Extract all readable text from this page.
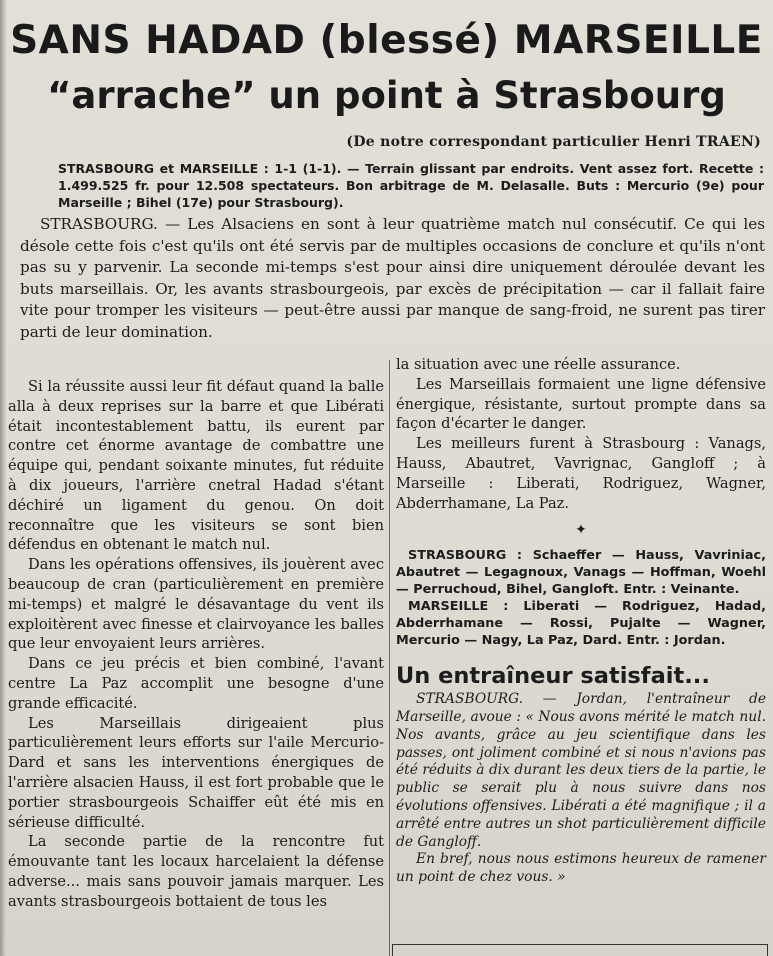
SANS HADAD (blessé) MARSEILLE
“arrache” un point à Strasbourg
(De notre correspondant particulier Henri TRAEN)
STRASBOURG et MARSEILLE : 1-1 (1-1). — Terrain glissant par endroits. Vent assez fort. Recette : 1.499.525 fr. pour 12.508 spectateurs. Bon arbitrage de M. Delasalle. Buts : Mercurio (9e) pour Marseille ; Bihel (17e) pour Strasbourg).

STRASBOURG. — Les Alsaciens en sont à leur quatrième match nul consécutif. Ce qui les désole cette fois c'est qu'ils ont été servis par de multiples occasions de conclure et qu'ils n'ont pas su y parvenir. La seconde mi-temps s'est pour ainsi dire uniquement déroulée devant les buts marseillais. Or, les avants strasbourgeois, par excès de précipitation — car il fallait faire vite pour tromper les visiteurs — peut-être aussi par manque de sang-froid, ne surent pas tirer parti de leur domination.

Si la réussite aussi leur fit défaut quand la balle alla à deux reprises sur la barre et que Libérati était incontestablement battu, ils eurent par contre cet énorme avantage de combattre une équipe qui, pendant soixante minutes, fut réduite à dix joueurs, l'arrière cnetral Hadad s'étant déchiré un ligament du genou. On doit reconnaître que les visiteurs se sont bien défendus en obtenant le match nul.

Dans les opérations offensives, ils jouèrent avec beaucoup de cran (particulièrement en première mi-temps) et malgré le désavantage du vent ils exploitèrent avec finesse et clairvoyance les balles que leur envoyaient leurs arrières.

Dans ce jeu précis et bien combiné, l'avant centre La Paz accomplit une besogne d'une grande efficacité.

Les Marseillais dirigeaient plus particulièrement leurs efforts sur l'aile Mercurio-Dard et sans les interventions énergiques de l'arrière alsacien Hauss, il est fort probable que le portier strasbourgeois Schaiffer eût été mis en sérieuse difficulté.

La seconde partie de la rencontre fut émouvante tant les locaux harcelaient la défense adverse... mais sans pouvoir jamais marquer. Les avants strasbourgeois bottaient de tous les

la situation avec une réelle assurance.

Les Marseillais formaient une ligne défensive énergique, résistante, surtout prompte dans sa façon d'écarter le danger.

Les meilleurs furent à Strasbourg : Vanags, Hauss, Abautret, Vavrignac, Gangloff ; à Marseille : Liberati, Rodriguez, Wagner, Abderrhamane, La Paz.

✦
STRASBOURG : Schaeffer — Hauss, Vavriniac, Abautret — Legagnoux, Vanags — Hoffman, Woehl — Perruchoud, Bihel, Gangloft. Entr. : Veinante.
MARSEILLE : Liberati — Rodriguez, Hadad, Abderrhamane — Rossi, Pujalte — Wagner, Mercurio — Nagy, La Paz, Dard. Entr. : Jordan.
Un entraîneur satisfait...

STRASBOURG. — Jordan, l'entraîneur de Marseille, avoue : « Nous avons mérité le match nul. Nos avants, grâce au jeu scientifique dans les passes, ont joliment combiné et si nous n'avions pas été réduits à dix durant les deux tiers de la partie, le public se serait plu à nous suivre dans nos évolutions offensives. Libérati a été magnifique ; il a arrêté entre autres un shot particulièrement difficile de Gangloff.

En bref, nous nous estimons heureux de ramener un point de chez vous. »
